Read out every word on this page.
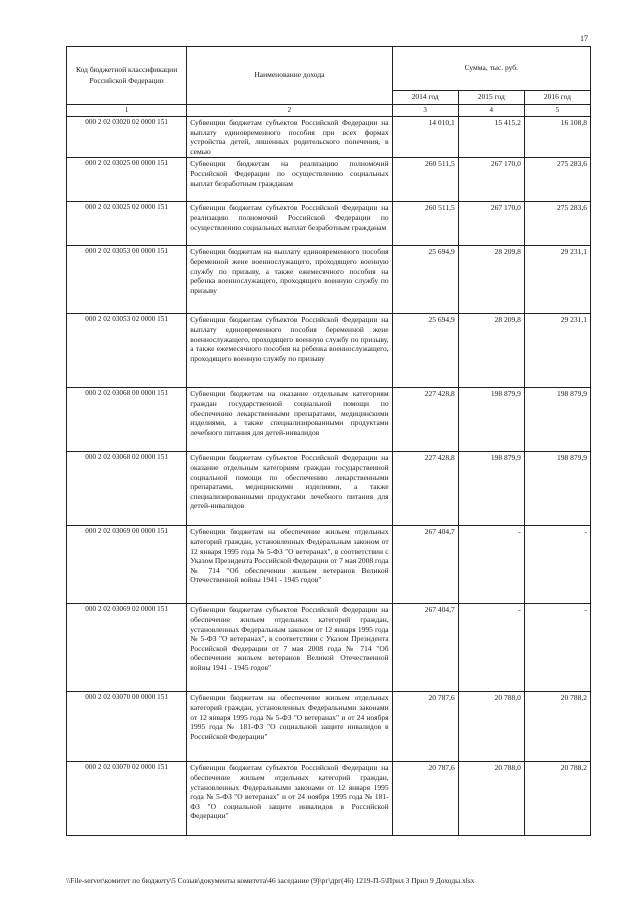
17
Код бюджетной классификации Российской Федерации	Наименование дохода	Сумма, тыс. руб.		
		2014 год	2015 год	2016 год
1	2	3	4	5
000 2 02 03020 02 0000 151	Субвенции бюджетам субъектов Российской Федерации на выплату единовременного пособия при всех формах устройства детей, лишенных родительского попечения, в семью	14 010,1	15 415,2	16 108,8
000 2 02 03025 00 0000 151	Субвенции бюджетам на реализацию полномочий Российской Федерации по осуществлению социальных выплат безработным гражданам	260 511,5	267 170,0	275 283,6
000 2 02 03025 02 0000 151	Субвенции бюджетам субъектов Российской Федерации на реализацию полномочий Российской Федерации по осуществлению социальных выплат безработным гражданам	260 511,5	267 170,0	275 283,6
000 2 02 03053 00 0000 151	Субвенции бюджетам на выплату единовременного пособия беременной жене военнослужащего, проходящего военную службу по призыву, а также ежемесячного пособия на ребенка военнослужащего, проходящего военную службу по призыву	25 694,9	28 209,8	29 231,1
000 2 02 03053 02 0000 151	Субвенции бюджетам субъектов Российской Федерации на выплату единовременного пособия беременной жене военнослужащего, проходящего военную службу по призыву, а также ежемесячного пособия на ребенка военнослужащего, проходящего военную службу по призыву	25 694,9	28 209,8	29 231,1
000 2 02 03068 00 0000 151	Субвенции бюджетам на оказание отдельным категориям граждан государственной социальной помощи по обеспечению лекарственными препаратами, медицинскими изделиями, а также специализированными продуктами лечебного питания для детей-инвалидов	227 428,8	198 879,9	198 879,9
000 2 02 03068 02 0000 151	Субвенции бюджетам субъектов Российской Федерации на оказание отдельным категориям граждан государственной социальной помощи по обеспечению лекарственными препаратами, медицинскими изделиями, а также специализированными продуктами лечебного питания для детей-инвалидов	227 428,8	198 879,9	198 879,9
000 2 02 03069 00 0000 151	Субвенции бюджетам на обеспечение жильем отдельных категорий граждан, установленных Федеральным законом от 12 января 1995 года № 5-ФЗ "О ветеранах", в соответствии с Указом Президента Российской Федерации от 7 мая 2008 года № 714 "Об обеспечении жильем ветеранов Великой Отечественной войны 1941 - 1945 годов"	267 404,7	-	-
000 2 02 03069 02 0000 151	Субвенции бюджетам субъектов Российской Федерации на обеспечение жильем отдельных категорий граждан, установленных Федеральным законом от 12 января 1995 года № 5-ФЗ "О ветеранах", в соответствии с Указом Президента Российской Федерации от 7 мая 2008 года № 714 "Об обеспечении жильем ветеранов Великой Отечественной войны 1941 - 1945 годов"	267 404,7	-	-
000 2 02 03070 00 0000 151	Субвенции бюджетам на обеспечение жильем отдельных категорий граждан, установленных Федеральными законами от 12 января 1995 года № 5-ФЗ "О ветеранах" и от 24 ноября 1995 года № 181-ФЗ "О социальной защите инвалидов в Российской Федерации"	20 787,6	20 788,0	20 788,2
000 2 02 03070 02 0000 151	Субвенции бюджетам субъектов Российской Федерации на обеспечение жильем отдельных категорий граждан, установленных Федеральными законами от 12 января 1995 года № 5-ФЗ "О ветеранах" и от 24 ноября 1995 года № 181-ФЗ "О социальной защите инвалидов в Российской Федерации"	20 787,6	20 788,0	20 788,2
\\File-server\комитет по бюджету\5 Созыв\документы комитета\46 заседание (9)\рг\дрг(46) 1219-П-5\Прил 3 Прил 9 Доходы.xlsx
